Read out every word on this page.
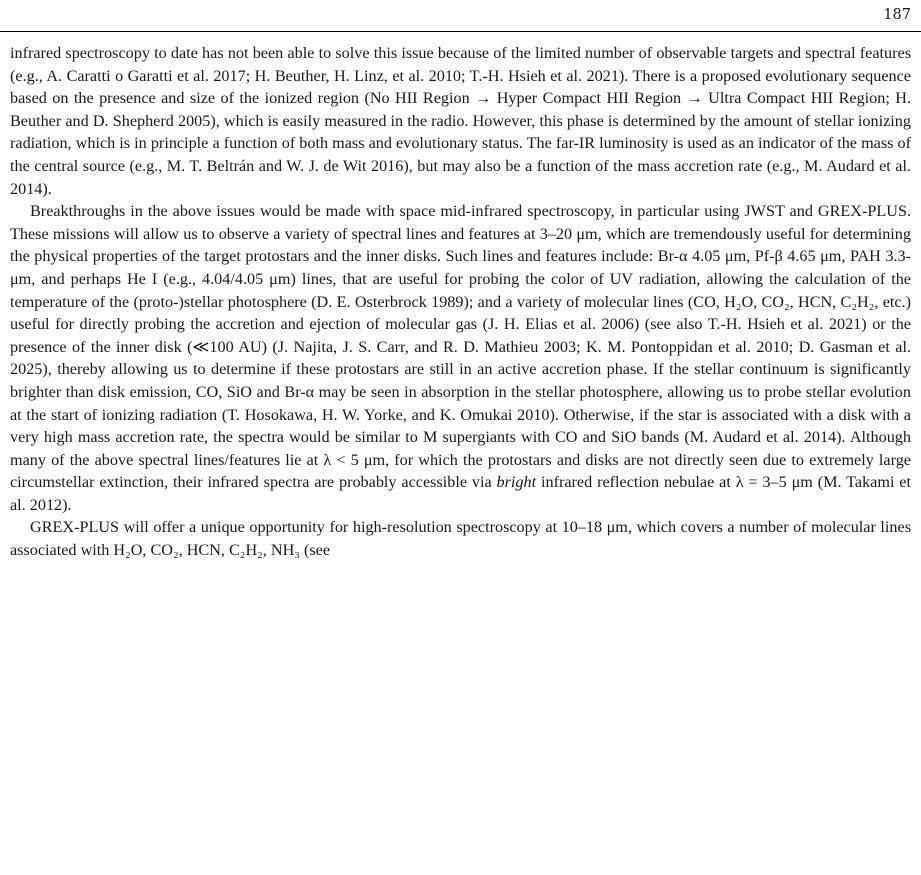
187

infrared spectroscopy to date has not been able to solve this issue because of the limited number of observable targets and spectral features (e.g., A. Caratti o Garatti et al. 2017; H. Beuther, H. Linz, et al. 2010; T.-H. Hsieh et al. 2021). There is a proposed evolutionary sequence based on the presence and size of the ionized region (No HII Region → Hyper Compact HII Region → Ultra Compact HII Region; H. Beuther and D. Shepherd 2005), which is easily measured in the radio. However, this phase is determined by the amount of stellar ionizing radiation, which is in principle a function of both mass and evolutionary status. The far-IR luminosity is used as an indicator of the mass of the central source (e.g., M. T. Beltrán and W. J. de Wit 2016), but may also be a function of the mass accretion rate (e.g., M. Audard et al. 2014).

Breakthroughs in the above issues would be made with space mid-infrared spectroscopy, in particular using JWST and GREX-PLUS. These missions will allow us to observe a variety of spectral lines and features at 3–20 μm, which are tremendously useful for determining the physical properties of the target protostars and the inner disks. Such lines and features include: Br-α 4.05 μm, Pf-β 4.65 μm, PAH 3.3-μm, and perhaps He I (e.g., 4.04/4.05 μm) lines, that are useful for probing the color of UV radiation, allowing the calculation of the temperature of the (proto-)stellar photosphere (D. E. Osterbrock 1989); and a variety of molecular lines (CO, H₂O, CO₂, HCN, C₂H₂, etc.) useful for directly probing the accretion and ejection of molecular gas (J. H. Elias et al. 2006) (see also T.-H. Hsieh et al. 2021) or the presence of the inner disk (≪100 AU) (J. Najita, J. S. Carr, and R. D. Mathieu 2003; K. M. Pontoppidan et al. 2010; D. Gasman et al. 2025), thereby allowing us to determine if these protostars are still in an active accretion phase. If the stellar continuum is significantly brighter than disk emission, CO, SiO and Br-α may be seen in absorption in the stellar photosphere, allowing us to probe stellar evolution at the start of ionizing radiation (T. Hosokawa, H. W. Yorke, and K. Omukai 2010). Otherwise, if the star is associated with a disk with a very high mass accretion rate, the spectra would be similar to M supergiants with CO and SiO bands (M. Audard et al. 2014). Although many of the above spectral lines/features lie at λ < 5 μm, for which the protostars and disks are not directly seen due to extremely large circumstellar extinction, their infrared spectra are probably accessible via bright infrared reflection nebulae at λ = 3–5 μm (M. Takami et al. 2012).

GREX-PLUS will offer a unique opportunity for high-resolution spectroscopy at 10–18 μm, which covers a number of molecular lines associated with H₂O, CO₂, HCN, C₂H₂, NH₃ (see
